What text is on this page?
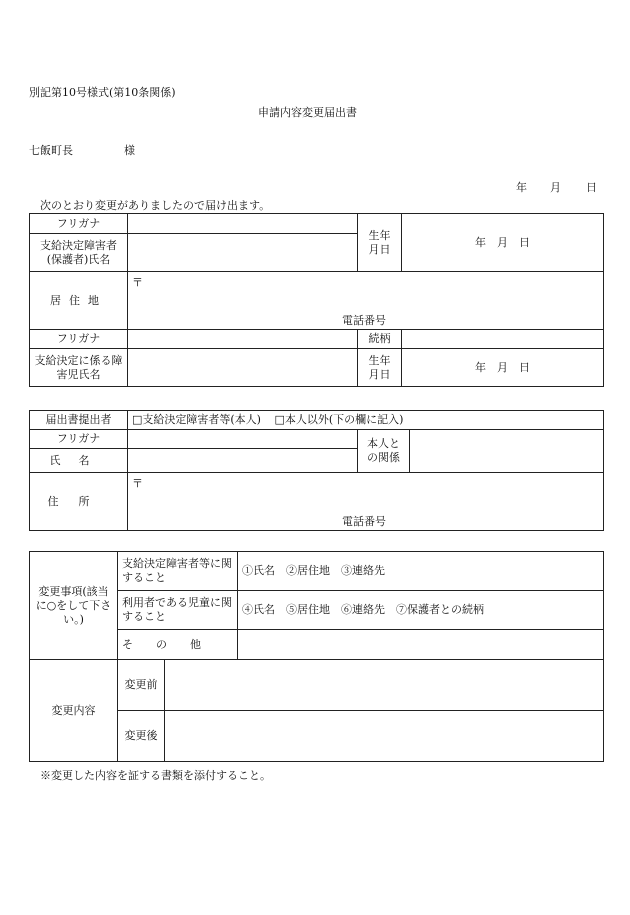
別記第10号様式(第10条関係)
申請内容変更届出書
七飯町長	様
年 月 日
次のとおり変更がありましたので届け出ます。
フリガナ		生年月日	年　月　日

支給決定障害者(保護者)氏名			

居住地	〒
電話番号		

フリガナ		続柄	

支給決定に係る障害児氏名		生年月日	年　月　日
届出書提出者	□支給決定障害者等(本人) □本人以外(下の欄に記入)		
フリガナ		本人との関係	

氏名			
住所	〒
電話番号		
変更事項(該当に○をして下さい。)	支給決定障害者等に関すること		①氏名　②居住地　③連絡先

	利用者である児童に関すること		④氏名　⑤居住地　⑥連絡先　⑦保護者との続柄
	そ　の　他		
変更内容	変更前		
	変更後		
※変更した内容を証する書類を添付すること。
